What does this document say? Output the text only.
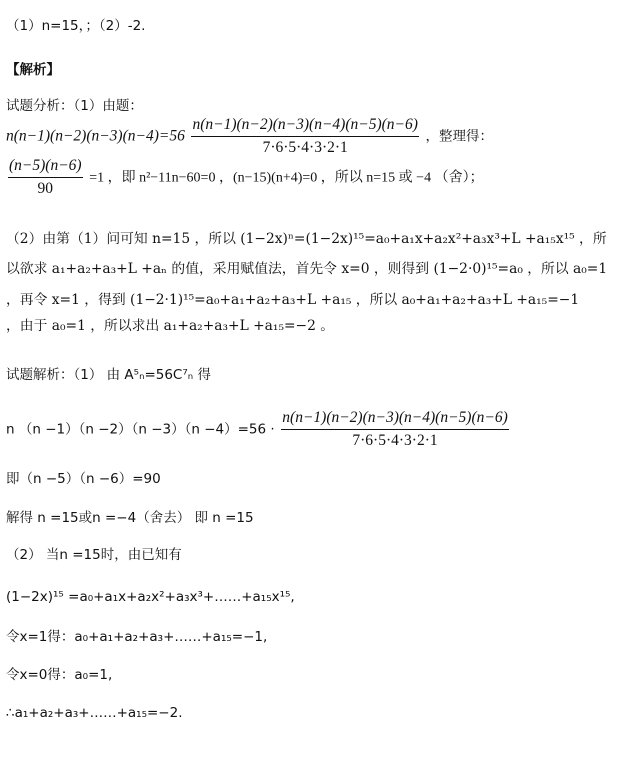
（1）n=15，；（2）-2.
【解析】
试题分析：（1）由题：
$n(n-1)(n-2)(n-3)(n-4)=56 \frac{n(n-1)(n-2)(n-3)(n-4)(n-5)(n-6)}{7\cdot 6\cdot 5\cdot 4\cdot 3\cdot 2\cdot 1}$ ，整理得：
$\frac{(n-5)(n-6)}{90} =1$ ，即 n²−11n−60=0 ，(n−15)(n+4)=0 ，所以 n=15 或 −4 （舍）；
（2）由第（1）问可知 n=15 ，所以 (1−2x)ⁿ=(1−2x)¹⁵=a₀+a₁x+a₂x²+a₃x³+L +a₁₅x¹⁵ ，所
以欲求 a₁+a₂+a₃+L +aₙ 的值，采用赋值法，首先令 x=0 ，则得到 (1−2·0)¹⁵=a₀ ，所以 a₀=1
，再令 x=1 ，得到 (1−2·1)¹⁵=a₀+a₁+a₂+a₃+L +a₁₅ ，所以 a₀+a₁+a₂+a₃+L +a₁₅=−1
，由于 a₀=1 ，所以求出 a₁+a₂+a₃+L +a₁₅=−2 。
试题解析：（1） 由 A⁵ₙ=56C⁷ₙ 得
n $(n -1)(n -2)(n -3)(n -4)=56 \cdot \frac{n(n-1)(n-2)(n-3)(n-4)(n-5)(n-6)}{7\cdot 6\cdot 5\cdot 4\cdot 3\cdot 2\cdot 1}$
即（n −5）（n −6）=90
解得 n =15或n =−4（舍去） 即 n =15
（2） 当n =15时，由已知有
(1−2x)¹⁵ =a₀+a₁x+a₂x²+a₃x³+……+a₁₅x¹⁵,
令x=1得：a₀+a₁+a₂+a₃+……+a₁₅=−1,
令x=0得：a₀=1,
∴a₁+a₂+a₃+……+a₁₅=−2.
